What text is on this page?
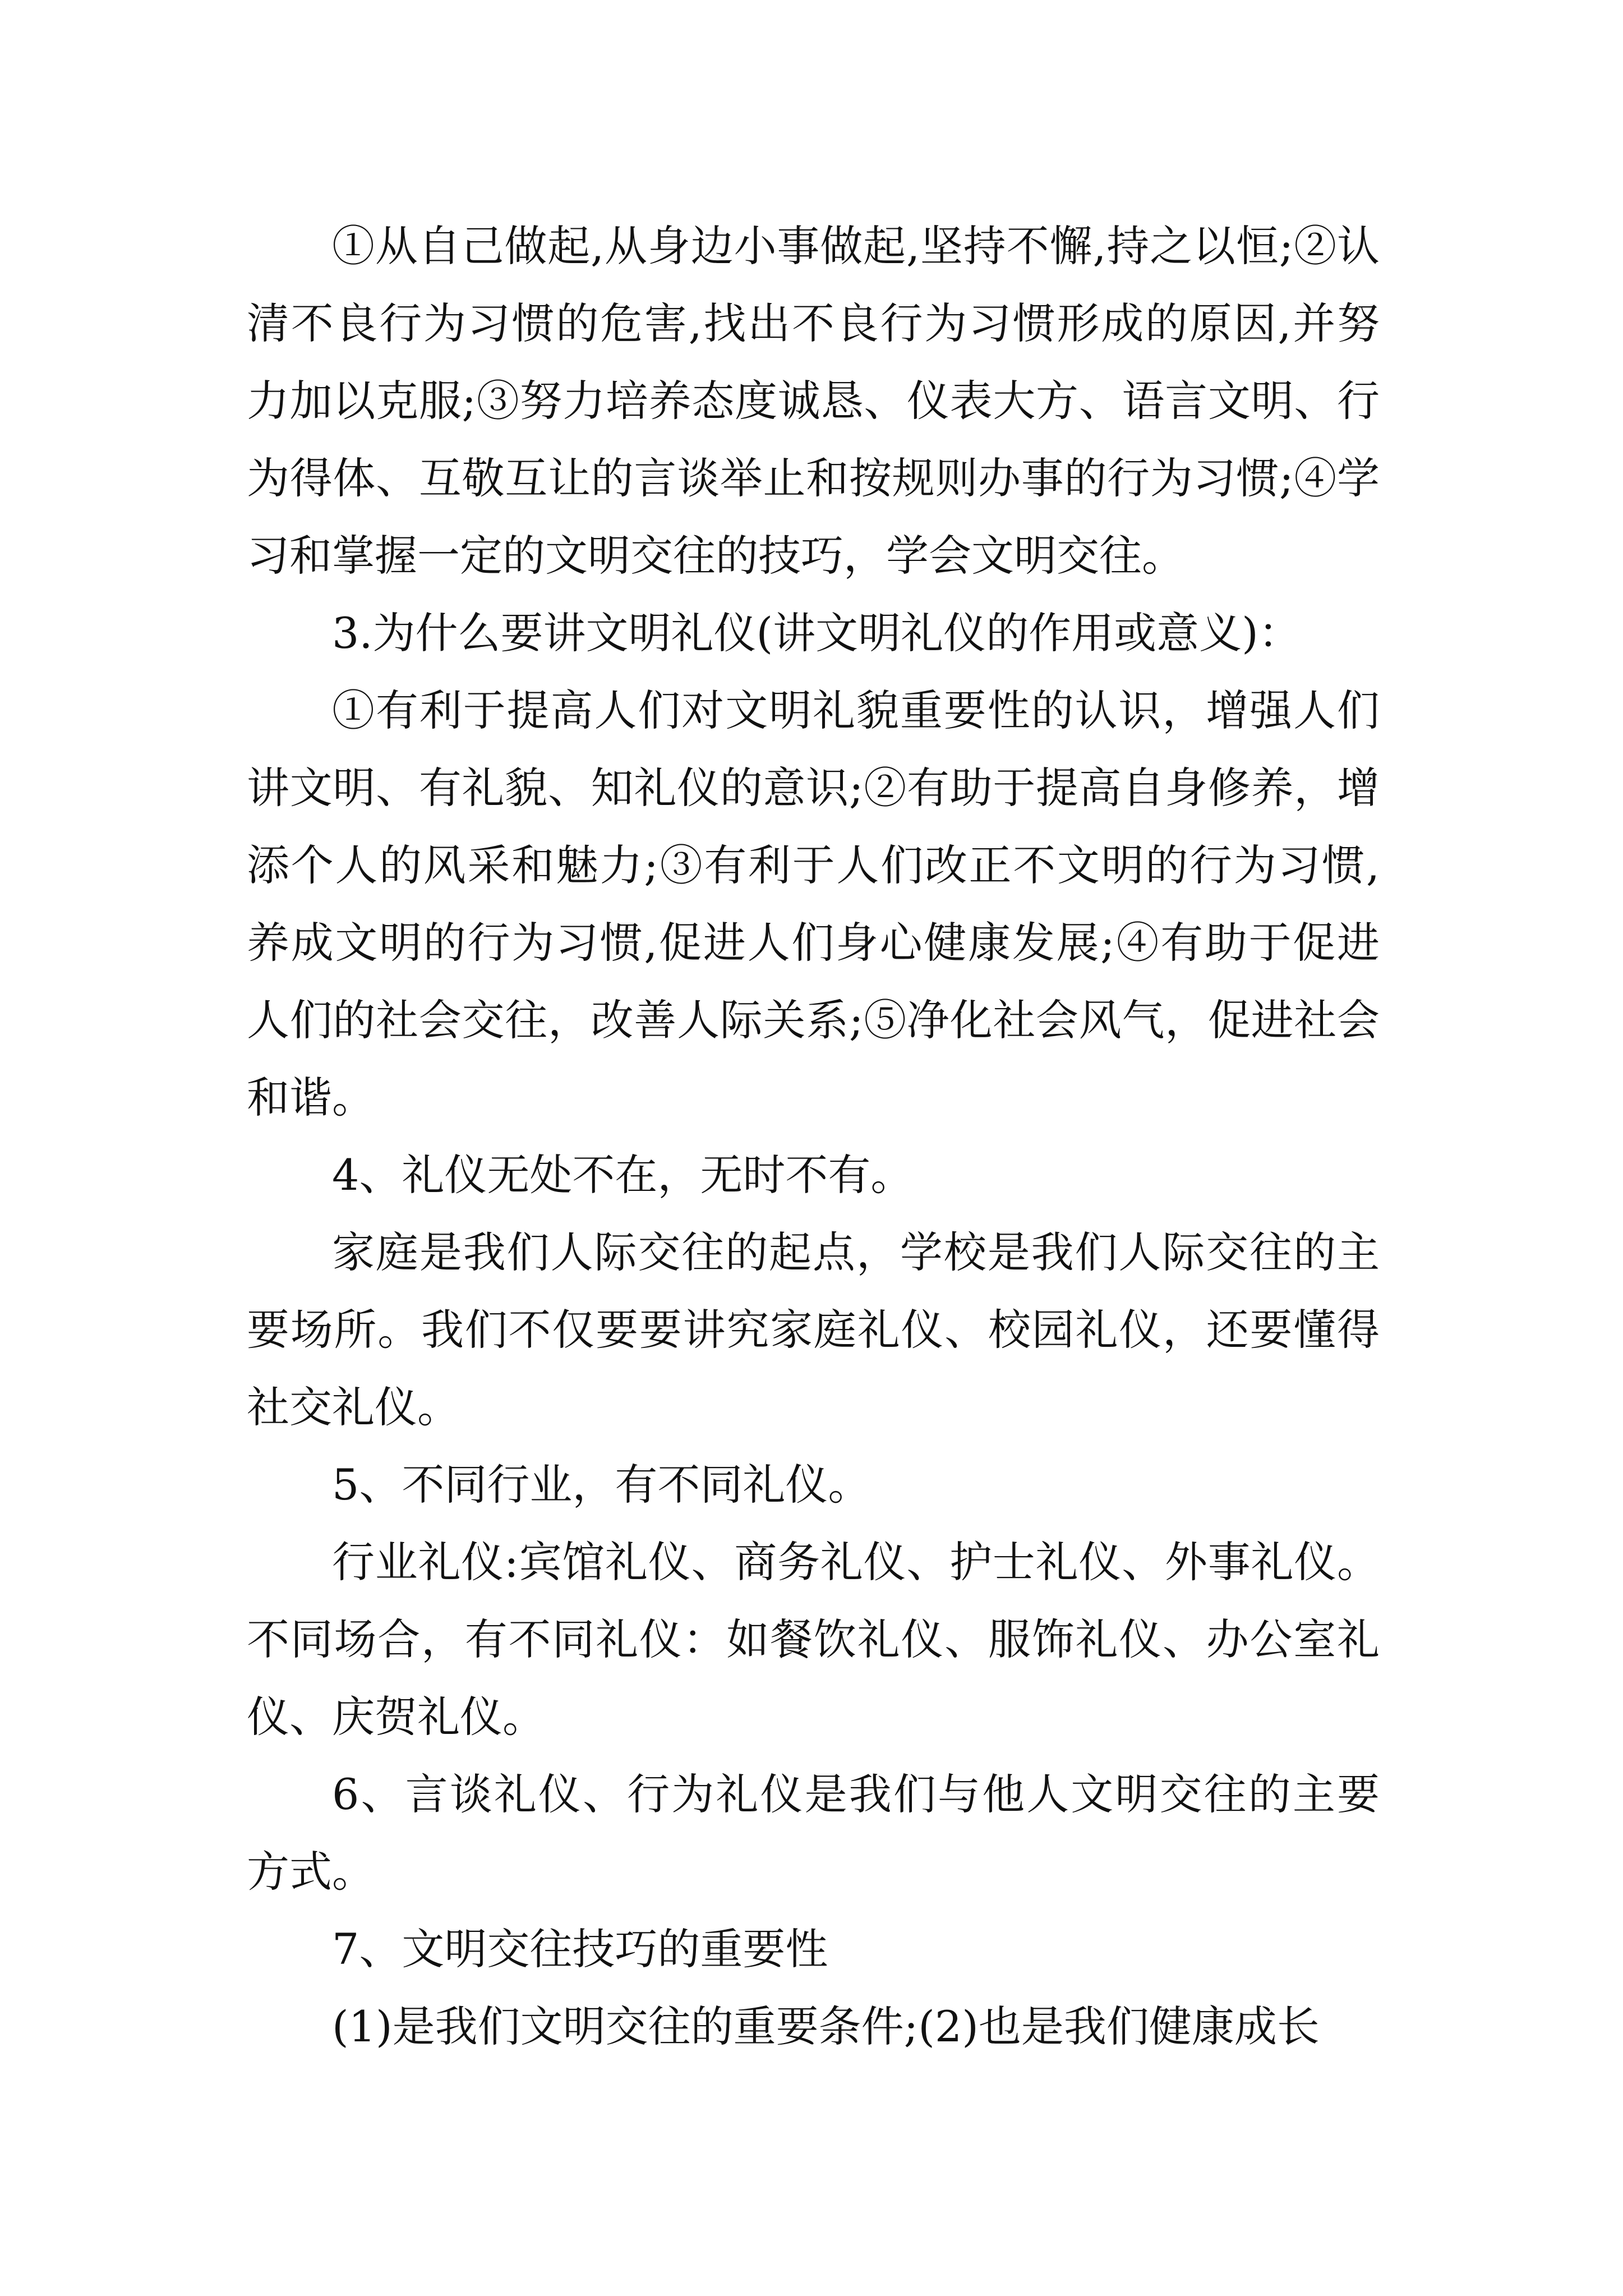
①从自己做起,从身边小事做起,坚持不懈,持之以恒;②认清不良行为习惯的危害,找出不良行为习惯形成的原因,并努力加以克服;③努力培养态度诚恳、仪表大方、语言文明、行为得体、互敬互让的言谈举止和按规则办事的行为习惯;④学习和掌握一定的文明交往的技巧，学会文明交往。

3.为什么要讲文明礼仪(讲文明礼仪的作用或意义)：

①有利于提高人们对文明礼貌重要性的认识，增强人们讲文明、有礼貌、知礼仪的意识;②有助于提高自身修养，增添个人的风采和魅力;③有利于人们改正不文明的行为习惯,养成文明的行为习惯,促进人们身心健康发展;④有助于促进人们的社会交往，改善人际关系;⑤净化社会风气，促进社会和谐。

4、礼仪无处不在，无时不有。

家庭是我们人际交往的起点，学校是我们人际交往的主要场所。我们不仅要要讲究家庭礼仪、校园礼仪，还要懂得社交礼仪。

5、不同行业，有不同礼仪。

行业礼仪:宾馆礼仪、商务礼仪、护士礼仪、外事礼仪。不同场合，有不同礼仪：如餐饮礼仪、服饰礼仪、办公室礼仪、庆贺礼仪。

6、言谈礼仪、行为礼仪是我们与他人文明交往的主要方式。

7、文明交往技巧的重要性

(1)是我们文明交往的重要条件;(2)也是我们健康成长
